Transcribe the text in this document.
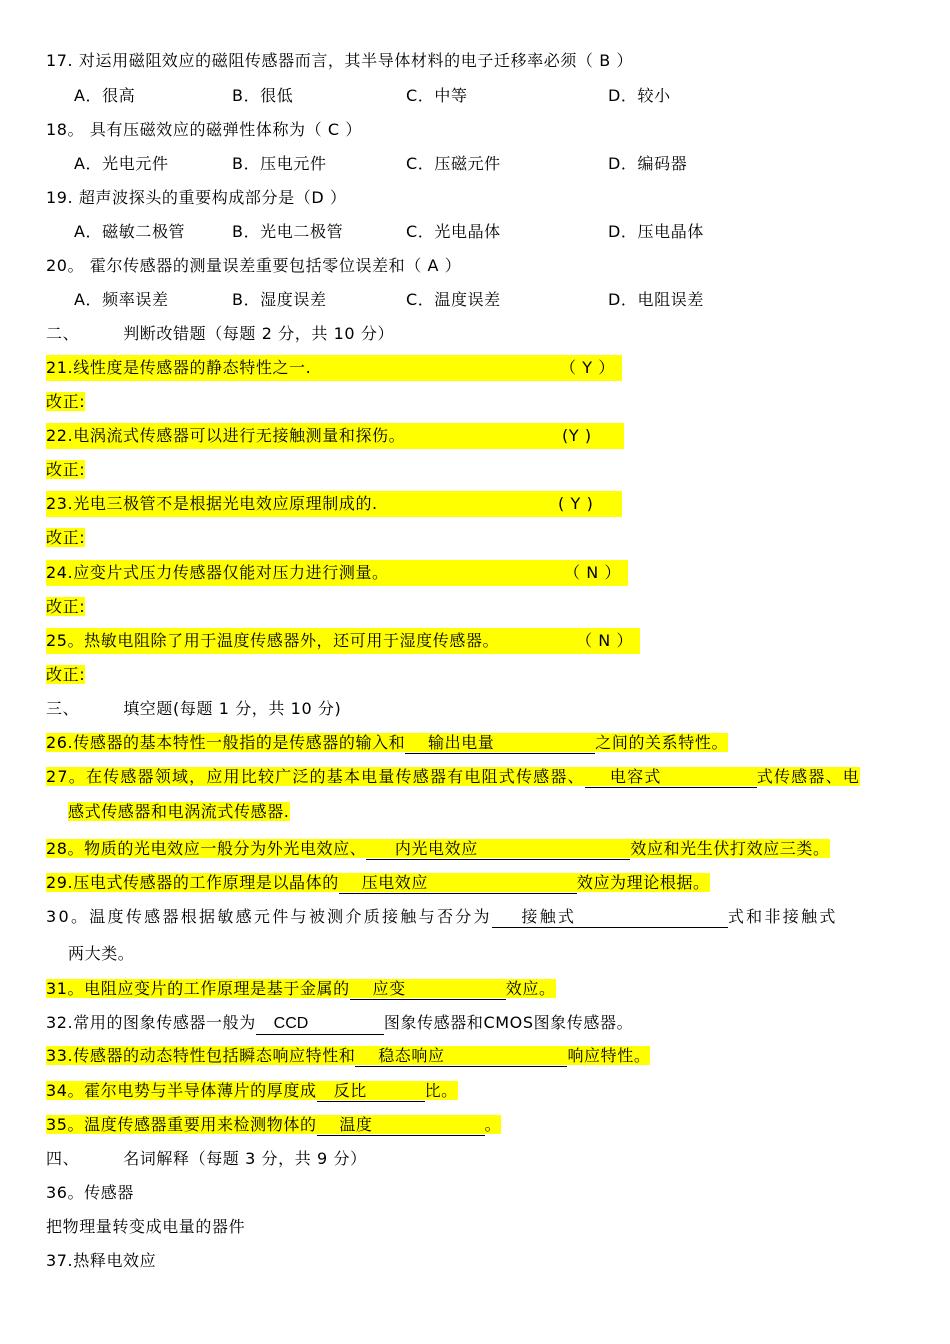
17. 对运用磁阻效应的磁阻传感器而言，其半导体材料的电子迁移率必须（ B ）
A．很高	B．很低	C．中等	D．较小
18。 具有压磁效应的磁弹性体称为（ C ）
A．光电元件	B．压电元件	C．压磁元件	D．编码器
19. 超声波探头的重要构成部分是（D ）
A．磁敏二极管	B．光电二极管	C．光电晶体	D．压电晶体
20。 霍尔传感器的测量误差重要包括零位误差和（ A ）
A．频率误差	B．湿度误差	C．温度误差	D．电阻误差
二、	判断改错题（每题 2 分，共 10 分）
21.线性度是传感器的静态特性之一.	（ Y ）
改正:
22.电涡流式传感器可以进行无接触测量和探伤。	(Y )
改正:
23.光电三极管不是根据光电效应原理制成的.	( Y )
改正:
24.应变片式压力传感器仅能对压力进行测量。	（ N ）
改正:
25。热敏电阻除了用于温度传感器外，还可用于湿度传感器。	（ N ）
改正:
三、	填空题(每题 1 分，共 10 分)
26.传感器的基本特性一般指的是传感器的输入和 输出电量	之间的关系特性。
27。在传感器领域，应用比较广泛的基本电量传感器有电阻式传感器、 电容式	式传感器、电
感式传感器和电涡流式传感器.
28。物质的光电效应一般分为外光电效应、 内光电效应	效应和光生伏打效应三类。
29.压电式传感器的工作原理是以晶体的 压电效应	效应为理论根据。
30。温度传感器根据敏感元件与被测介质接触与否分为 接触式	式和非接触式
两大类。
31。电阻应变片的工作原理是基于金属的 应变	效应。
32.常用的图象传感器一般为 CCD	图象传感器和CMOS图象传感器。
33.传感器的动态特性包括瞬态响应特性和 稳态响应	响应特性。
34。霍尔电势与半导体薄片的厚度成 反比	比。
35。温度传感器重要用来检测物体的 温度	。
四、	名词解释（每题 3 分，共 9 分）
36。传感器
把物理量转变成电量的器件
37.热释电效应
